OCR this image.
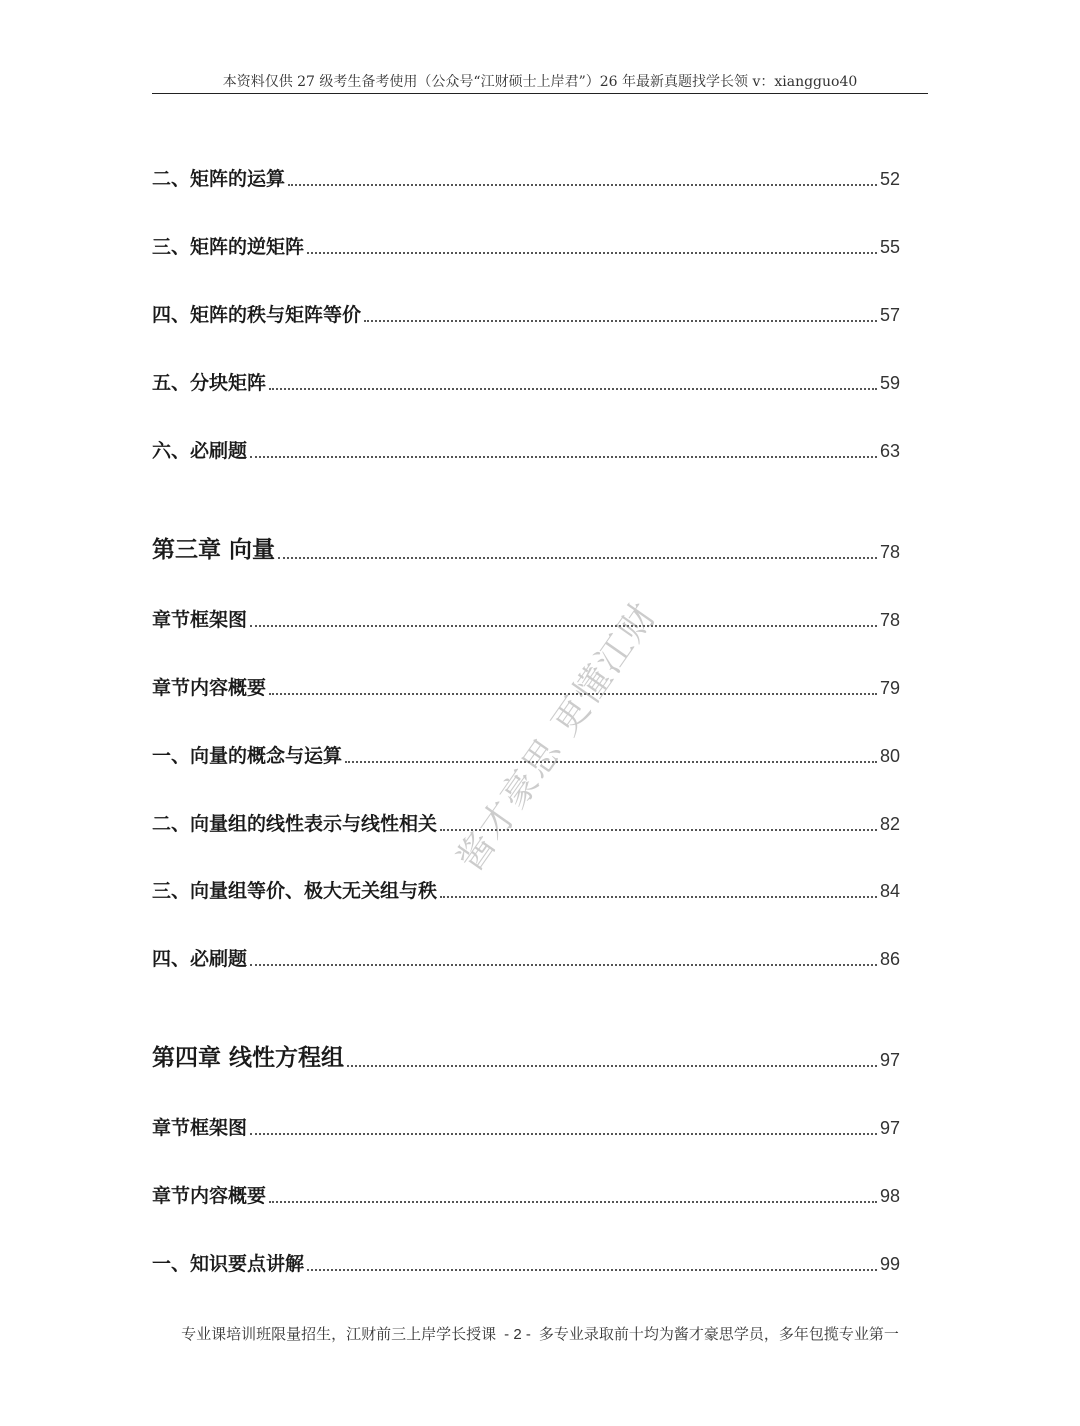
本资料仅供 27 级考生备考使用（公众号“江财硕士上岸君”）26 年最新真题找学长领 v：xiangguo40
二、矩阵的运算	52
三、矩阵的逆矩阵	55
四、矩阵的秩与矩阵等价	57
五、分块矩阵	59
六、必刷题	63
第三章 向量	78
章节框架图	78
章节内容概要	79
一、向量的概念与运算	80
二、向量组的线性表示与线性相关	82
三、向量组等价、极大无关组与秩	84
四、必刷题	86
第四章 线性方程组	97
章节框架图	97
章节内容概要	98
一、知识要点讲解	99
酱才豪思 更懂江财
专业课培训班限量招生，江财前三上岸学长授课 - 2 - 多专业录取前十均为酱才豪思学员，多年包揽专业第一
